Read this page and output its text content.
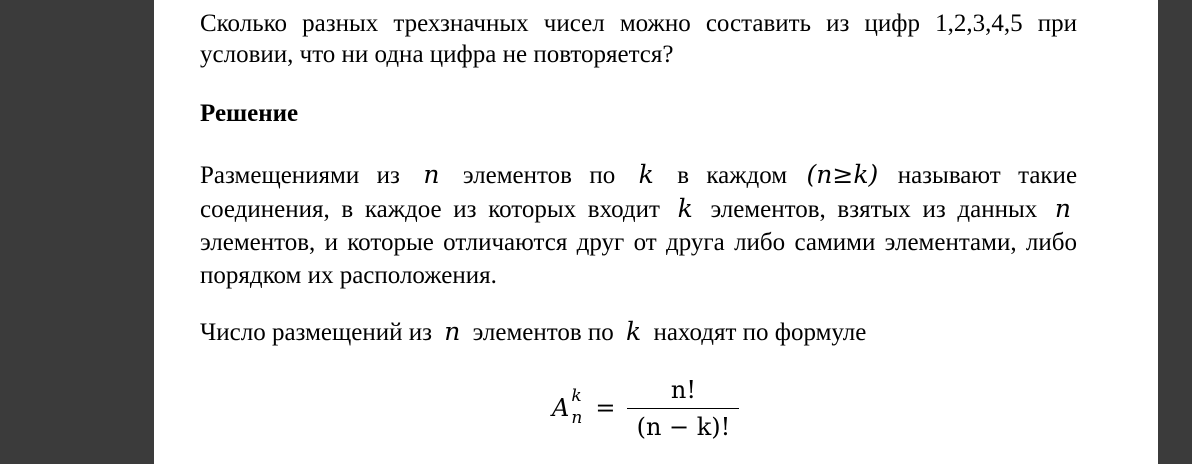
Сколько разных трехзначных чисел можно составить из цифр 1,2,3,4,5 при
условии, что ни одна цифра не повторяется?
Решение
Размещениями из n элементов по k в каждом (n≥k) называют такие
соединения, в каждое из которых входит k элементов, взятых из данных n
элементов, и которые отличаются друг от друга либо самими элементами, либо
порядком их расположения.
Число размещений из n элементов по k находят по формуле
A k
$n = \frac{n!}{(n - k)!}$
